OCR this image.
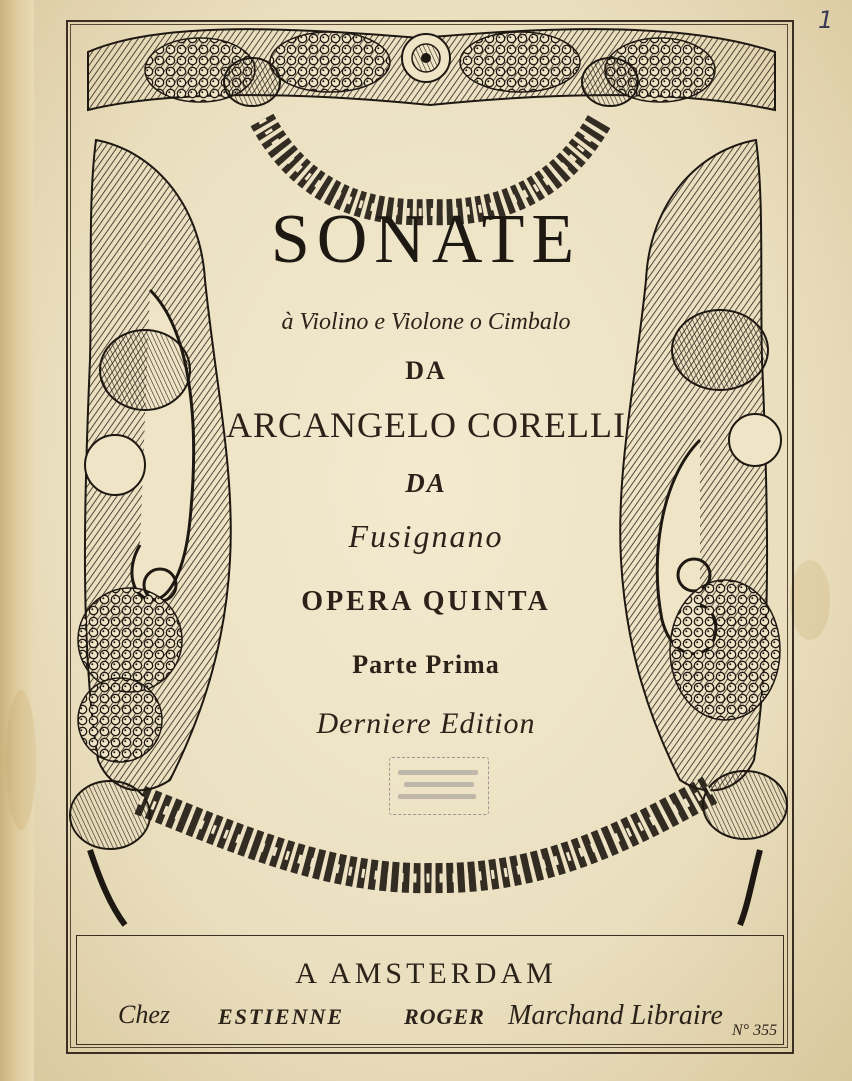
1
SONATE
à Violino e Violone o Cimbalo
DA
ARCANGELO CORELLI
DA
Fusignano
OPERA QUINTA
Parte Prima
Derniere Edition
A AMSTERDAM
Chez ESTIENNE	ROGER Marchand Libraire N° 355
